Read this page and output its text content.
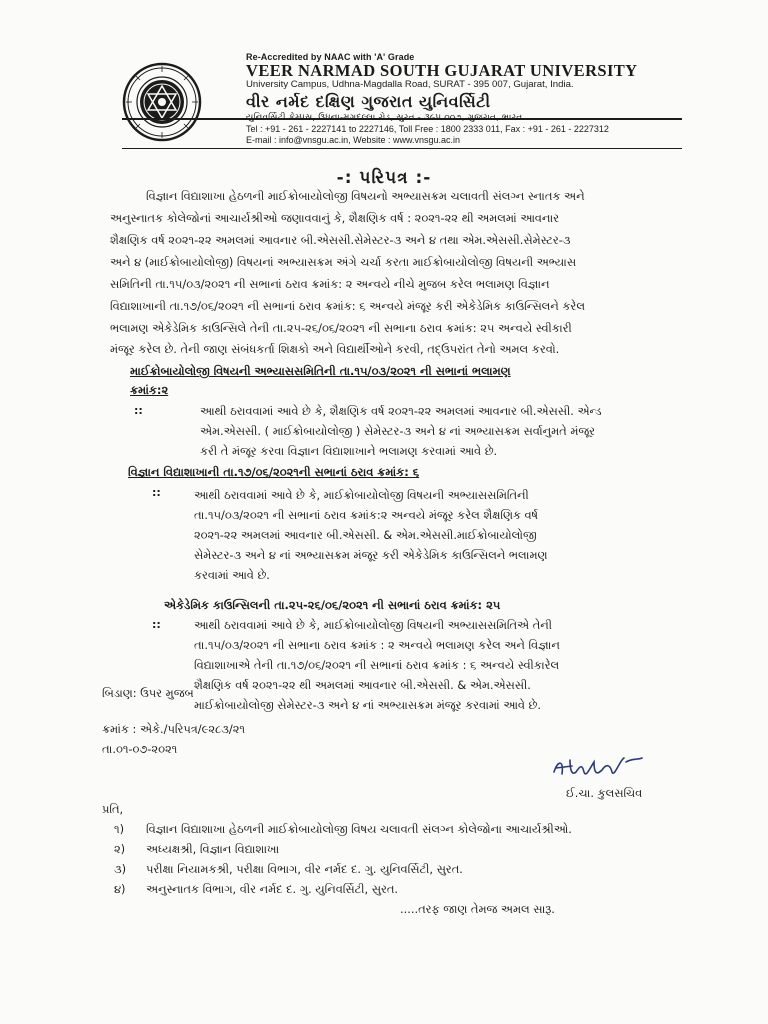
Re-Accredited by NAAC with 'A' Grade
VEER NARMAD SOUTH GUJARAT UNIVERSITY
University Campus, Udhna-Magdalla Road, SURAT - 395 007, Gujarat, India.
વીર નર્મદ દક્ષિણ ગુજરાત યુનિવર્સિટી
યુનિવર્સિટી કેમ્પસ, ઉધના-મગદલ્લા રોડ, સુરત - ૩૯૫ ૦૦૭, ગુજરાત, ભારત.
Tel : +91 - 261 - 2227141 to 2227146, Toll Free : 1800 2333 011, Fax : +91 - 261 - 2227312
E-mail : info@vnsgu.ac.in, Website : www.vnsgu.ac.in
-: પરિપત્ર :-
વિજ્ઞાન વિદ્યાશાખા હેઠળની માઈક્રોબાયોલોજી વિષયનો અભ્યાસક્રમ ચલાવતી સંલગ્ન સ્નાતક અને
અનુસ્નાતક કોલેજોનાં આચાર્યશ્રીઓ જણાવવાનું કે, શૈક્ષણિક વર્ષ : ૨૦૨૧-૨૨ થી અમલમાં આવનાર
શૈક્ષણિક વર્ષ ૨૦૨૧-૨૨ અમલમાં આવનાર બી.એસસી.સેમેસ્ટર-૩ અને ૪ તથા એમ.એસસી.સેમેસ્ટર-૩
અને ૪ (માઈક્રોબાયોલોજી) વિષયનાં અભ્યાસક્રમ અંગે ચર્ચા કરતા માઈક્રોબાયોલોજી વિષયની અભ્યાસ
સમિતિની તા.૧૫/૦૩/૨૦૨૧ ની સભાનાં ઠરાવ ક્રમાંક: ૨ અન્વયે નીચે મુજબ કરેલ ભલામણ વિજ્ઞાન
વિદ્યાશાખાની તા.૧૭/૦૬/૨૦૨૧ ની સભાનાં ઠરાવ ક્રમાંક: ૬ અન્વયે મંજૂર કરી એકેડેમિક કાઉન્સિલને કરેલ
ભલામણ એકેડેમિક કાઉન્સિલે તેની તા.૨૫-૨૬/૦૬/૨૦૨૧ ની સભાના ઠરાવ ક્રમાંક: ૨૫ અન્વયે સ્વીકારી
મંજૂર કરેલ છે. તેની જાણ સંબંધકર્તા શિક્ષકો અને વિદ્યાર્થીઓને કરવી, તદ્ઉપરાંત તેનો અમલ કરવો.
માઈક્રોબાયોલોજી વિષયની અભ્યાસસમિતિની તા.૧૫/૦૩/૨૦૨૧ ની સભાનાં ભલામણ
ક્રમાંક:૨
::	આથી ઠરાવવામાં આવે છે કે, શૈક્ષણિક વર્ષ ૨૦૨૧-૨૨ અમલમાં આવનાર બી.એસસી. એન્ડ
એમ.એસસી. ( માઈક્રોબાયોલોજી ) સેમેસ્ટર-૩ અને ૪ નાં અભ્યાસક્રમ સર્વાનુમતે મંજૂર
કરી તે મંજૂર કરવા વિજ્ઞાન વિદ્યાશાખાને ભલામણ કરવામાં આવે છે.
વિજ્ઞાન વિદ્યાશાખાની તા.૧૭/૦૬/૨૦૨૧ની સભાનાં ઠરાવ ક્રમાંક: ૬
::	આથી ઠરાવવામાં આવે છે કે, માઈક્રોબાયોલોજી વિષયની અભ્યાસસમિતિની
તા.૧૫/૦૩/૨૦૨૧ ની સભાનાં ઠરાવ ક્રમાંક:૨ અન્વયે મંજૂર કરેલ શૈક્ષણિક વર્ષ
૨૦૨૧-૨૨ અમલમાં આવનાર બી.એસસી. & એમ.એસસી.માઈક્રોબાયોલોજી
સેમેસ્ટર-૩ અને ૪ નાં અભ્યાસક્રમ મંજૂર કરી એકેડેમિક કાઉન્સિલને ભલામણ
કરવામાં આવે છે.
એકેડેમિક કાઉન્સિલની તા.૨૫-૨૬/૦૬/૨૦૨૧ ની સભાનાં ઠરાવ ક્રમાંક: ૨૫
::	આથી ઠરાવવામાં આવે છે કે, માઈક્રોબાયોલોજી વિષયની અભ્યાસસમિતિએ તેની
તા.૧૫/૦૩/૨૦૨૧ ની સભાના ઠરાવ ક્રમાંક : ૨ અન્વયે ભલામણ કરેલ અને વિજ્ઞાન
વિદ્યાશાખાએ તેની તા.૧૭/૦૬/૨૦૨૧ ની સભાનાં ઠરાવ ક્રમાંક : ૬ અન્વયે સ્વીકારેલ
શૈક્ષણિક વર્ષ ૨૦૨૧-૨૨ થી અમલમાં આવનાર બી.એસસી. & એમ.એસસી.
માઈક્રોબાયોલોજી સેમેસ્ટર-૩ અને ૪ નાં અભ્યાસક્રમ મંજૂર કરવામાં આવે છે.
બિડાણ: ઉપર મુજબ
ક્રમાંક : એકે./પરિપત્ર/૯૨૮૩/૨૧
તા.૦૧-૦૭-૨૦૨૧
ઈ.ચા. કુલસચિવ
પ્રતિ,
૧) વિજ્ઞાન વિદ્યાશાખા હેઠળની માઈક્રોબાયોલોજી વિષય ચલાવતી સંલગ્ન કોલેજોના આચાર્યશ્રીઓ.
૨) અધ્યક્ષશ્રી, વિજ્ઞાન વિદ્યાશાખા
૩) પરીક્ષા નિયામકશ્રી, પરીક્ષા વિભાગ, વીર નર્મદ દ. ગુ. યુનિવર્સિટી, સુરત.
૪) અનુસ્નાતક વિભાગ, વીર નર્મદ દ. ગુ. યુનિવર્સિટી, સુરત.
.....તરફ જાણ તેમજ અમલ સારૂ.
